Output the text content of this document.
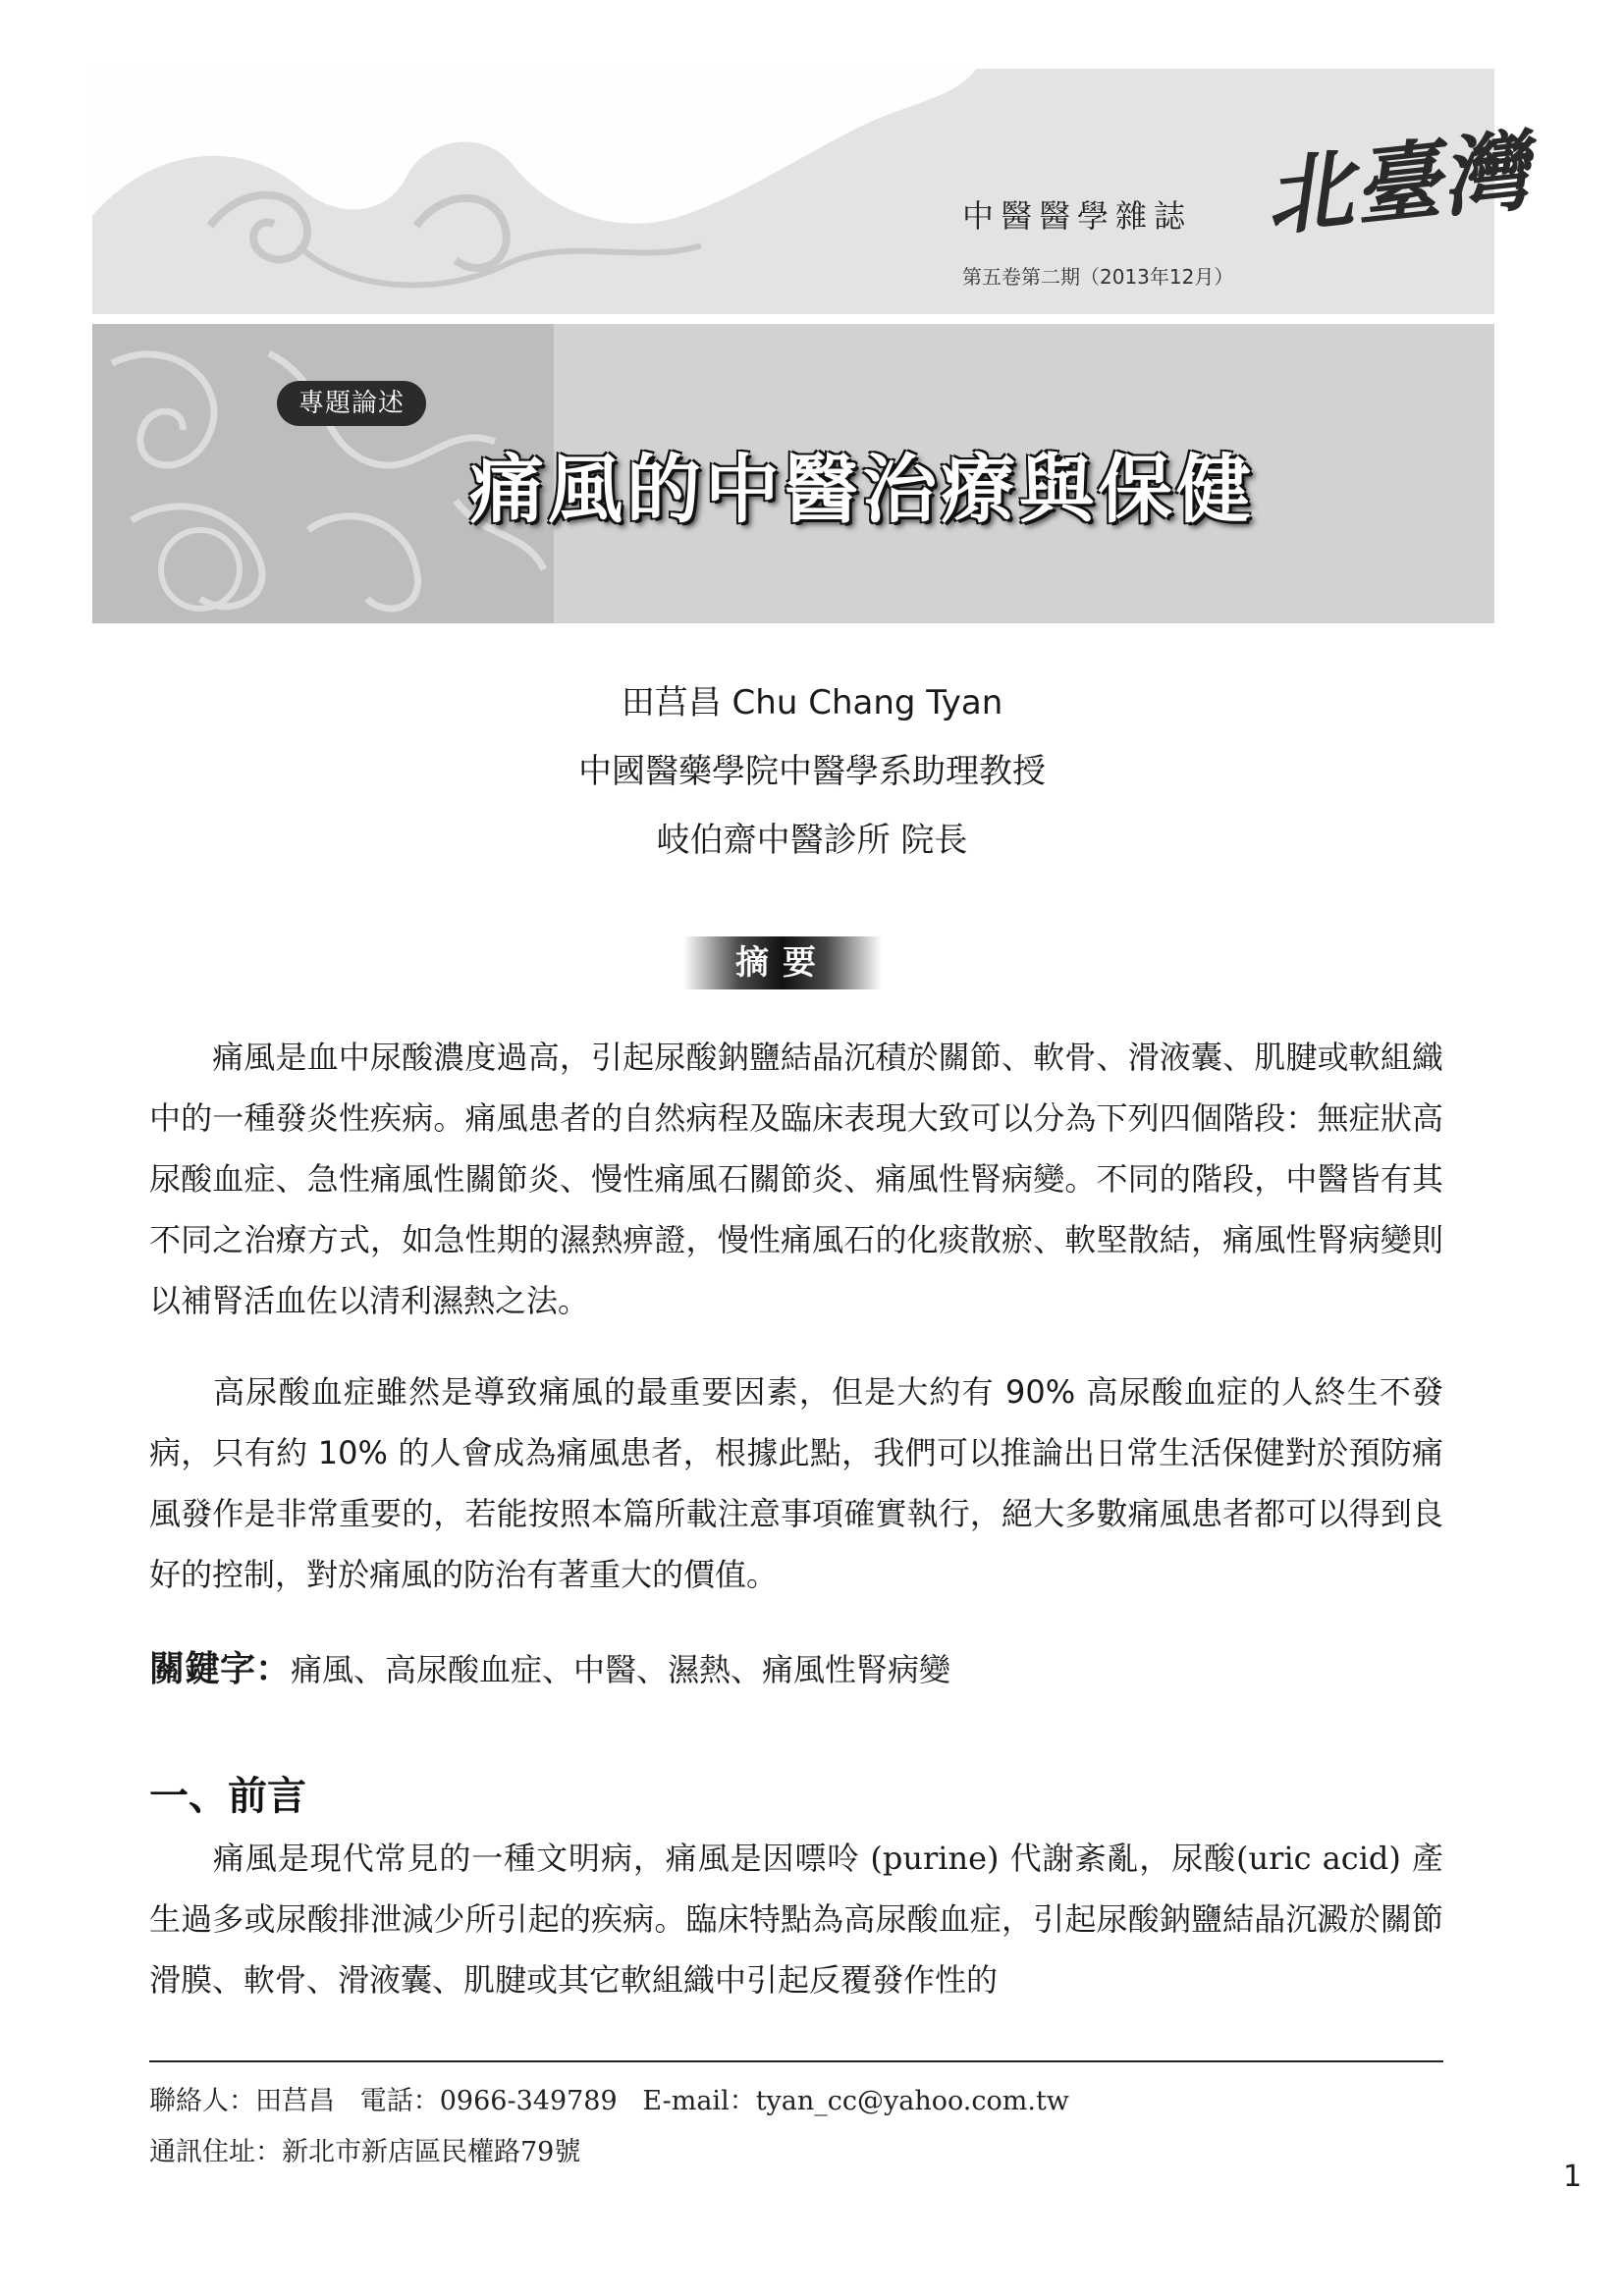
中醫醫學雜誌 北臺灣
第五卷第二期（2013年12月）
專題論述
痛風的中醫治療與保健
田莒昌 Chu Chang Tyan
中國醫藥學院中醫學系助理教授
岐伯齋中醫診所 院長
摘要

痛風是血中尿酸濃度過高，引起尿酸鈉鹽結晶沉積於關節、軟骨、滑液囊、肌腱或軟組織中的一種發炎性疾病。痛風患者的自然病程及臨床表現大致可以分為下列四個階段：無症狀高尿酸血症、急性痛風性關節炎、慢性痛風石關節炎、痛風性腎病變。不同的階段，中醫皆有其不同之治療方式，如急性期的濕熱痹證，慢性痛風石的化痰散瘀、軟堅散結，痛風性腎病變則以補腎活血佐以清利濕熱之法。

高尿酸血症雖然是導致痛風的最重要因素，但是大約有 90% 高尿酸血症的人終生不發病，只有約 10% 的人會成為痛風患者，根據此點，我們可以推論出日常生活保健對於預防痛風發作是非常重要的，若能按照本篇所載注意事項確實執行，絕大多數痛風患者都可以得到良好的控制，對於痛風的防治有著重大的價值。

關鍵字：痛風、高尿酸血症、中醫、濕熱、痛風性腎病變
一、前言

痛風是現代常見的一種文明病，痛風是因嘌呤 (purine) 代謝紊亂，尿酸(uric acid) 產生過多或尿酸排泄減少所引起的疾病。臨床特點為高尿酸血症，引起尿酸鈉鹽結晶沉澱於關節滑膜、軟骨、滑液囊、肌腱或其它軟組織中引起反覆發作性的

聯絡人：田莒昌   電話：0966-349789   E-mail：tyan_cc@yahoo.com.tw
通訊住址：新北市新店區民權路79號
1
